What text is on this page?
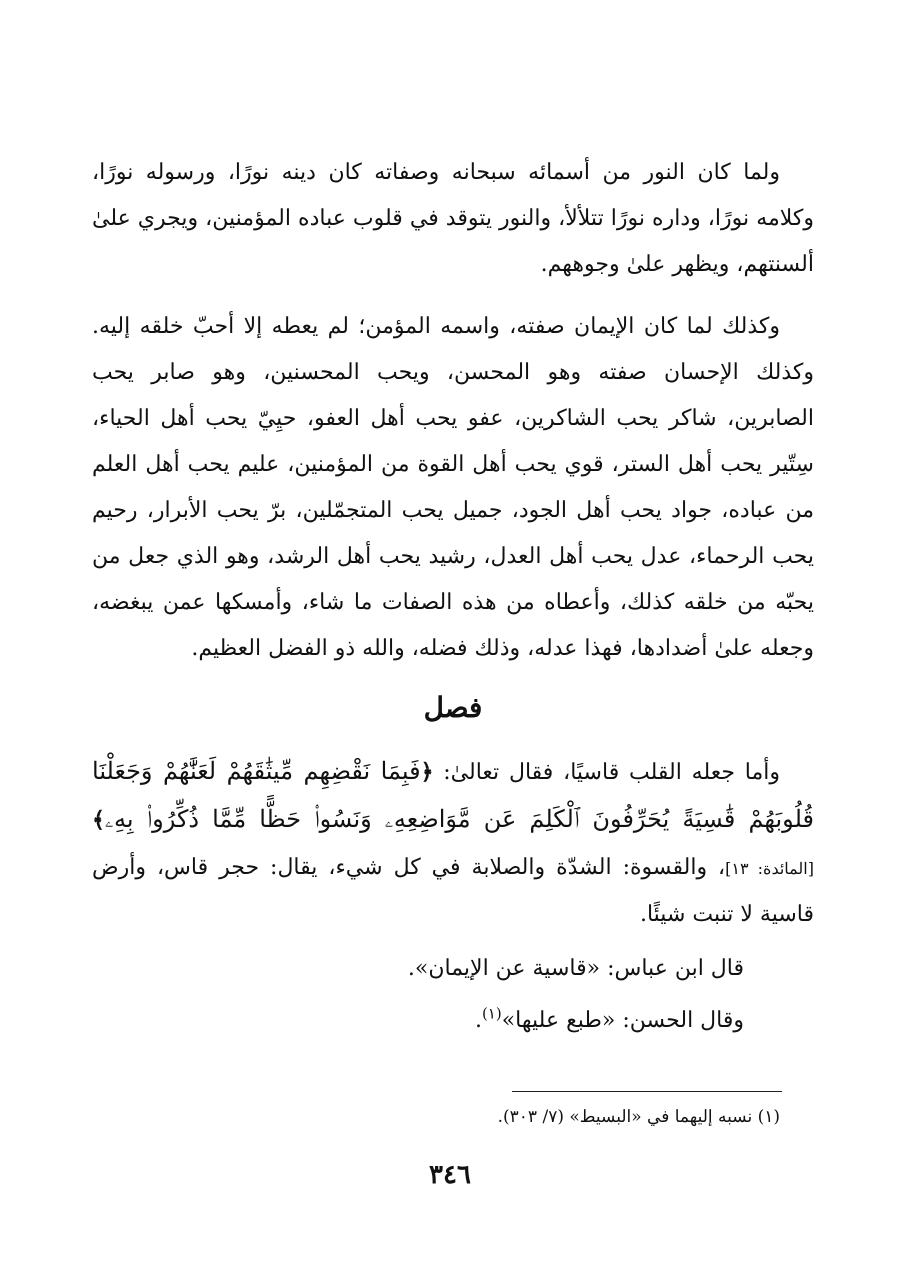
ولما كان النور من أسمائه سبحانه وصفاته كان دينه نورًا، ورسوله نورًا، وكلامه نورًا، وداره نورًا تتلألأ، والنور يتوقد في قلوب عباده المؤمنين، ويجري علىٰ ألسنتهم، ويظهر علىٰ وجوههم.

وكذلك لما كان الإيمان صفته، واسمه المؤمن؛ لم يعطه إلا أحبّ خلقه إليه. وكذلك الإحسان صفته وهو المحسن، ويحب المحسنين، وهو صابر يحب الصابرين، شاكر يحب الشاكرين، عفو يحب أهل العفو، حيِيّ يحب أهل الحياء، سِتّير يحب أهل الستر، قوي يحب أهل القوة من المؤمنين، عليم يحب أهل العلم من عباده، جواد يحب أهل الجود، جميل يحب المتجمّلين، برّ يحب الأبرار، رحيم يحب الرحماء، عدل يحب أهل العدل، رشيد يحب أهل الرشد، وهو الذي جعل من يحبّه من خلقه كذلك، وأعطاه من هذه الصفات ما شاء، وأمسكها عمن يبغضه، وجعله علىٰ أضدادها، فهذا عدله، وذلك فضله، والله ذو الفضل العظيم.

فصل

وأما جعله القلب قاسيًا، فقال تعالىٰ: ﴿فَبِمَا نَقْضِهِم مِّيثَٰقَهُمْ لَعَنَّٰهُمْ وَجَعَلْنَا قُلُوبَهُمْ قَٰسِيَةً يُحَرِّفُونَ ٱلْكَلِمَ عَن مَّوَاضِعِهِۦ وَنَسُوا۟ حَظًّا مِّمَّا ذُكِّرُوا۟ بِهِۦ﴾ [المائدة: ١٣]، والقسوة: الشدّة والصلابة في كل شيء، يقال: حجر قاس، وأرض قاسية لا تنبت شيئًا.

قال ابن عباس: «قاسية عن الإيمان».

وقال الحسن: «طبع عليها»$^{(١)}$.

(١) نسبه إليهما في «البسيط» (٧/ ٣٠٣).
٣٤٦
